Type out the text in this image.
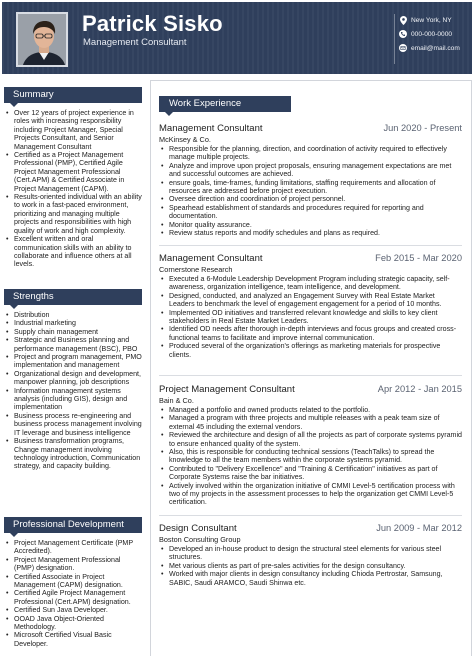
Patrick Sisko
Management Consultant
New York, NY
000-000-0000
email@mail.com
Summary
• Over 12 years of project experience in roles with increasing responsibility including Project Manager, Special Projects Consultant, and Senior Management Consultant
• Certified as a Project Management Professional (PMP), Certified Agile Project Management Professional (Cert.APM) & Certified Associate in Project Management (CAPM).
• Results-oriented individual with an ability to work in a fast-paced environment, prioritizing and managing multiple projects and responsibilities with high quality of work and high complexity.
• Excellent written and oral communication skills with an ability to collaborate and influence others at all levels.
Strengths
• Distribution
• Industrial marketing
• Supply chain management
• Strategic and Business planning and performance management (BSC), PBO
• Project and program management, PMO implementation and management
• Organizational design and development, manpower planning, job descriptions
• Information management systems analysis (including GIS), design and implementation
• Business process re-engineering and business process management involving IT leverage and business intelligence
• Business transformation programs, Change management involving technology introduction, Communication strategy, and capacity building.
Professional Development
• Project Management Certificate (PMP Accredited).
• Project Management Professional (PMP) designation.
• Certified Associate in Project Management (CAPM) designation.
• Certified Agile Project Management Professional (Cert.APM) designation.
• Certified Sun Java Developer.
• OOAD Java Object-Oriented Methodology.
• Microsoft Certified Visual Basic Developer.
Work Experience
Management Consultant	Jun 2020 - Present
McKinsey & Co.
• Responsible for the planning, direction, and coordination of activity required to effectively manage multiple projects.
• Analyze and improve upon project proposals, ensuring management expectations are met and successful outcomes are achieved.
• ensure goals, time-frames, funding limitations, staffing requirements and allocation of resources are addressed before project execution.
• Oversee direction and coordination of project personnel.
• Spearhead establishment of standards and procedures required for reporting and documentation.
• Monitor quality assurance.
• Review status reports and modify schedules and plans as required.
Management Consultant	Feb 2015 - Mar 2020
Cornerstone Research
• Executed a 6-Module Leadership Development Program including strategic capacity, self-awareness, organization intelligence, team intelligence, and development.
• Designed, conducted, and analyzed an Engagement Survey with Real Estate Market Leaders to benchmark the level of engagement engagement for a period of 10 months.
• Implemented OD initiatives and transferred relevant knowledge and skills to key client stakeholders in Real Estate Market Leaders.
• Identified OD needs after thorough in-depth interviews and focus groups and created cross-functional teams to facilitate and improve internal communication.
• Produced several of the organization's offerings as marketing materials for prospective clients.
Project Management Consultant	Apr 2012 - Jan 2015
Bain & Co.
• Managed a portfolio and owned products related to the portfolio.
• Managed a program with three projects and multiple releases with a peak team size of external 45 including the external vendors.
• Reviewed the architecture and design of all the projects as part of corporate systems pyramid to ensure enhanced quality of the system.
• Also, this is responsible for conducting technical sessions (TeachTalks) to spread the knowledge to all the team members within the corporate systems pyramid.
• Contributed to "Delivery Excellence" and "Training & Certification" initiatives as part of Corporate Systems raise the bar initiatives.
• Actively involved within the organization initiative of CMMI Level-5 certification process with two of my projects in the assessment processes to help the organization get CMMI Level-5 certification.
Design Consultant	Jun 2009 - Mar 2012
Boston Consulting Group
• Developed an in-house product to design the structural steel elements for various steel structures.
• Met various clients as part of pre-sales activities for the design consultancy.
• Worked with major clients in design consultancy including Chioda Pertrostar, Samsung, SABIC, Saudi ARAMCO, Saudi Shinwa etc.
